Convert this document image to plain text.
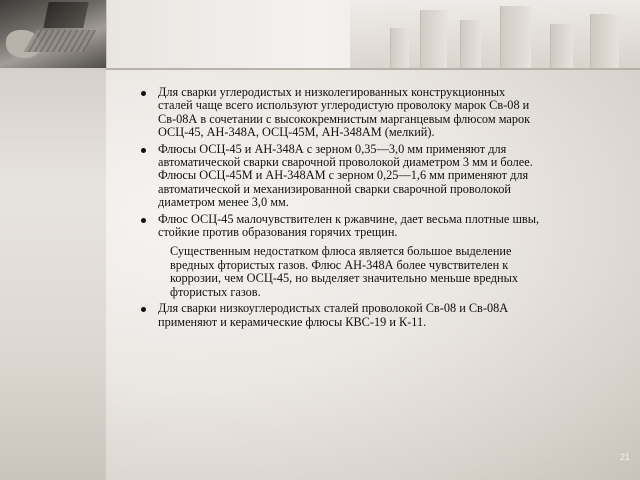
Для сварки углеродистых и низколегированных конструкционных сталей чаще всего используют углеродистую проволоку марок Св-08 и Св-08А в сочетании с высококремнистым марганцевым флюсом марок ОСЦ-45, АН-348А, ОСЦ-45М, АН-348АМ (мелкий).
Флюсы ОСЦ-45 и АН-348А с зерном 0,35—3,0 мм применяют для автоматической сварки сварочной проволокой диаметром 3 мм и более. Флюсы ОСЦ-45М и АН-348АМ с зерном 0,25—1,6 мм применяют для автоматической и механизированной сварки сварочной проволокой диаметром менее 3,0 мм.
Флюс ОСЦ-45 малочувствителен к ржавчине, дает весьма плотные швы, стойкие против образования горячих трещин.
Существенным недостатком флюса является большое выделение вредных фтористых газов. Флюс АН-348А более чувствителен к коррозии, чем ОСЦ-45, но выделяет значительно меньше вредных фтористых газов.
Для сварки низкоуглеродистых сталей проволокой Св-08 и Св-08А применяют и керамические флюсы КВС-19 и К-11.
21
